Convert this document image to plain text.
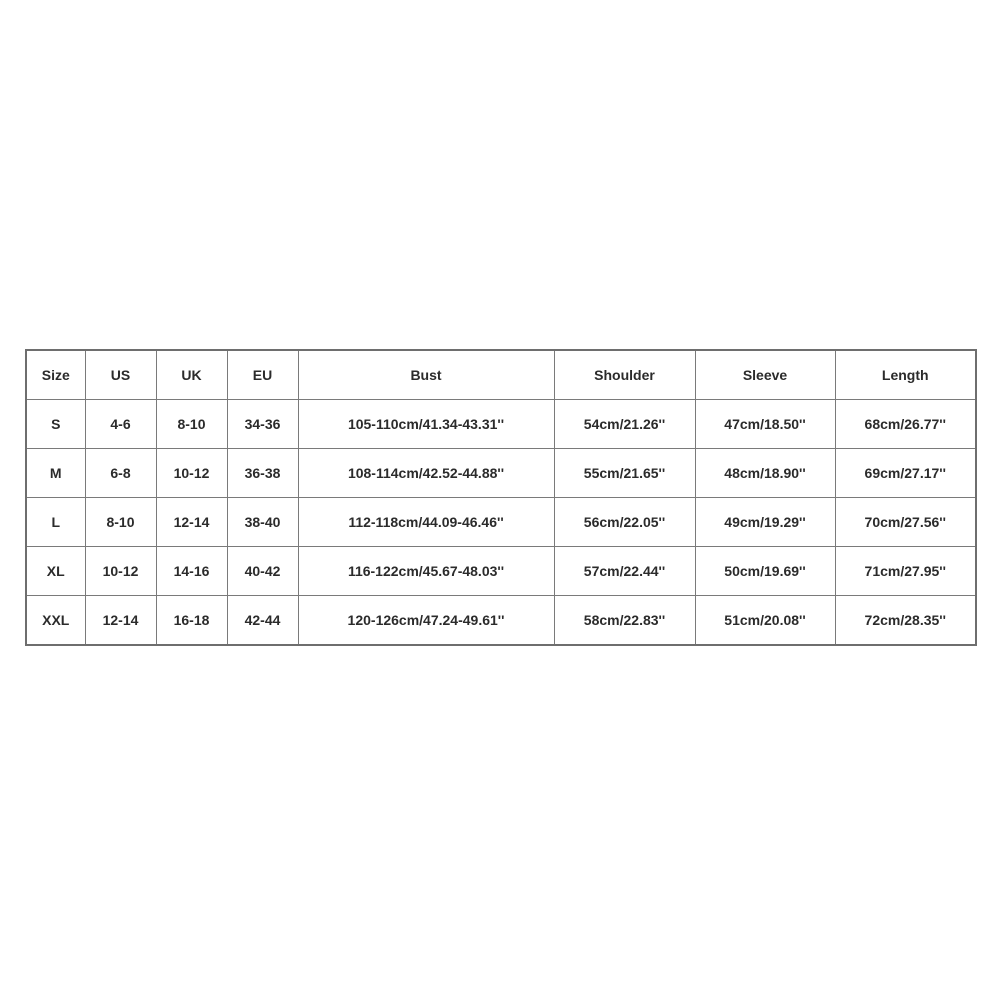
Size	US	UK	EU	Bust	Shoulder	Sleeve	Length
S	4-6	8-10	34-36	105-110cm/41.34-43.31''	54cm/21.26''	47cm/18.50''	68cm/26.77''
M	6-8	10-12	36-38	108-114cm/42.52-44.88''	55cm/21.65''	48cm/18.90''	69cm/27.17''
L	8-10	12-14	38-40	112-118cm/44.09-46.46''	56cm/22.05''	49cm/19.29''	70cm/27.56''
XL	10-12	14-16	40-42	116-122cm/45.67-48.03''	57cm/22.44''	50cm/19.69''	71cm/27.95''
XXL	12-14	16-18	42-44	120-126cm/47.24-49.61''	58cm/22.83''	51cm/20.08''	72cm/28.35''
